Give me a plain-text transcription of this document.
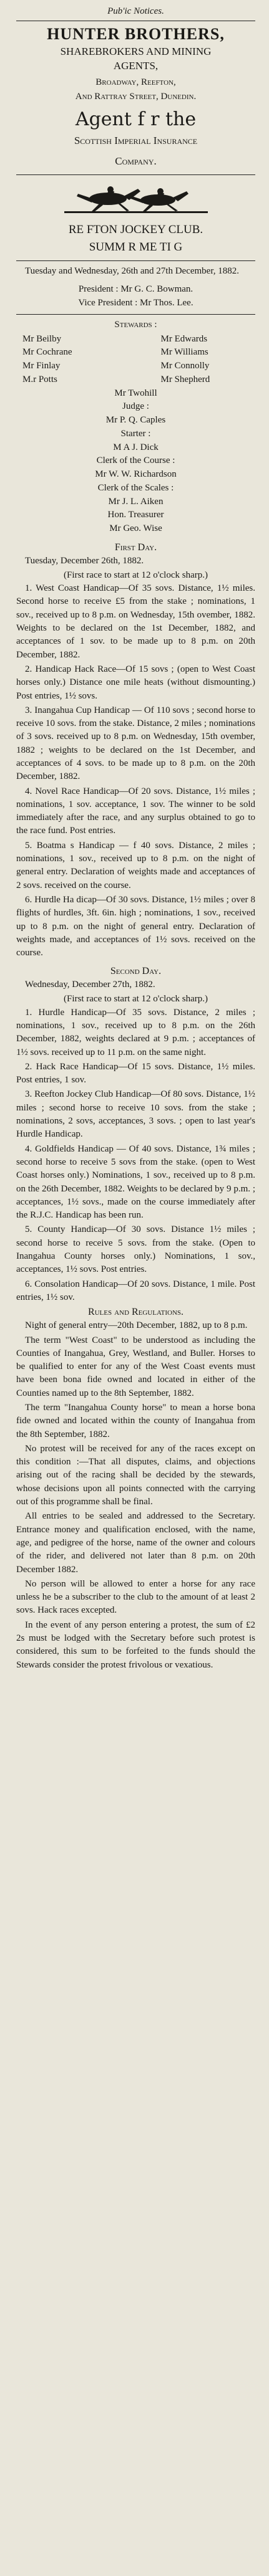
Pub'ic Notices.
HUNTER BROTHERS,
SHAREBROKERS AND MINING
AGENTS,
Broadway, Reefton,
And Rattray Street, Dunedin.
Agent f r the
Scottish Imperial Insurance
Company.
RE FTON JOCKEY CLUB.
SUMM R ME TI G

Tuesday and Wednesday, 26th and 27th December, 1882.

President : Mr G. C. Bowman.
Vice President : Mr Thos. Lee.
Stewards :
Mr Beilby	Mr Edwards
Mr Cochrane	Mr Williams
Mr Finlay	Mr Connolly
M.r Potts	Mr Shepherd
Mr Twohill
Judge :
Mr P. Q. Caples
Starter :
M A J. Dick
Clerk of the Course :
Mr W. W. Richardson
Clerk of the Scales :
Mr J. L. Aiken
Hon. Treasurer
Mr Geo. Wise
First Day.

Tuesday, December 26th, 1882.

(First race to start at 12 o'clock sharp.)

1. West Coast Handicap—Of 35 sovs. Distance, 1½ miles. Second horse to receive £5 from the stake ; nominations, 1 sov., received up to 8 p.m. on Wednesday, 15th ovember, 1882. Weights to be declared on the 1st December, 1882, and acceptances of 1 sov. to be made up to 8 p.m. on 20th December, 1882.

2. Handicap Hack Race—Of 15 sovs ; (open to West Coast horses only.) Distance one mile heats (without dismounting.) Post entries, 1½ sovs.

3. Inangahua Cup Handicap — Of 110 sovs ; second horse to receive 10 sovs. from the stake. Distance, 2 miles ; nominations of 3 sovs. received up to 8 p.m. on Wednesday, 15th ovember, 1882 ; weights to be declared on the 1st December, and acceptances of 4 sovs. to be made up to 8 p.m. on the 20th December, 1882.

4. Novel Race Handicap—Of 20 sovs. Distance, 1½ miles ; nominations, 1 sov. acceptance, 1 sov. The winner to be sold immediately after the race, and any surplus obtained to go to the race fund. Post entries.

5. Boatma s Handicap — f 40 sovs. Distance, 2 miles ; nominations, 1 sov., received up to 8 p.m. on the night of general entry. Declaration of weights made and acceptances of 2 sovs. received on the course.

6. Hurdle Ha dicap—Of 30 sovs. Distance, 1½ miles ; over 8 flights of hurdles, 3ft. 6in. high ; nominations, 1 sov., received up to 8 p.m. on the night of general entry. Declaration of weights made, and acceptances of 1½ sovs. received on the course.

Second Day.

Wednesday, December 27th, 1882.

(First race to start at 12 o'clock sharp.)

1. Hurdle Handicap—Of 35 sovs. Distance, 2 miles ; nominations, 1 sov., received up to 8 p.m. on the 26th December, 1882, weights declared at 9 p.m. ; acceptances of 1½ sovs. received up to 11 p.m. on the same night.

2. Hack Race Handicap—Of 15 sovs. Distance, 1½ miles. Post entries, 1 sov.

3. Reefton Jockey Club Handicap—Of 80 sovs. Distance, 1½ miles ; second horse to receive 10 sovs. from the stake ; nominations, 2 sovs, acceptances, 3 sovs. ; open to last year's Hurdle Handicap.

4. Goldfields Handicap — Of 40 sovs. Distance, 1¾ miles ; second horse to receive 5 sovs from the stake. (open to West Coast horses only.) Nominations, 1 sov., received up to 8 p.m. on the 26th December, 1882. Weights to be declared by 9 p.m. ; acceptances, 1½ sovs., made on the course immediately after the R.J.C. Handicap has been run.

5. County Handicap—Of 30 sovs. Distance 1½ miles ; second horse to receive 5 sovs. from the stake. (Open to Inangahua County horses only.) Nominations, 1 sov., acceptances, 1½ sovs. Post entries.

6. Consolation Handicap—Of 20 sovs. Distance, 1 mile. Post entries, 1½ sov.

Rules and Regulations.

Night of general entry—20th December, 1882, up to 8 p.m.

The term "West Coast" to be understood as including the Counties of Inangahua, Grey, Westland, and Buller. Horses to be qualified to enter for any of the West Coast events must have been bona fide owned and located in either of the Counties named up to the 8th September, 1882.

The term "Inangahua County horse" to mean a horse bona fide owned and located within the county of Inangahua from the 8th September, 1882.

No protest will be received for any of the races except on this condition :—That all disputes, claims, and objections arising out of the racing shall be decided by the stewards, whose decisions upon all points connected with the carrying out of this programme shall be final.

All entries to be sealed and addressed to the Secretary. Entrance money and qualification enclosed, with the name, age, and pedigree of the horse, name of the owner and colours of the rider, and delivered not later than 8 p.m. on 20th December 1882.

No person will be allowed to enter a horse for any race unless he be a subscriber to the club to the amount of at least 2 sovs. Hack races excepted.

In the event of any person entering a protest, the sum of £2 2s must be lodged with the Secretary before such protest is considered, this sum to be forfeited to the funds should the Stewards consider the protest frivolous or vexatious.
